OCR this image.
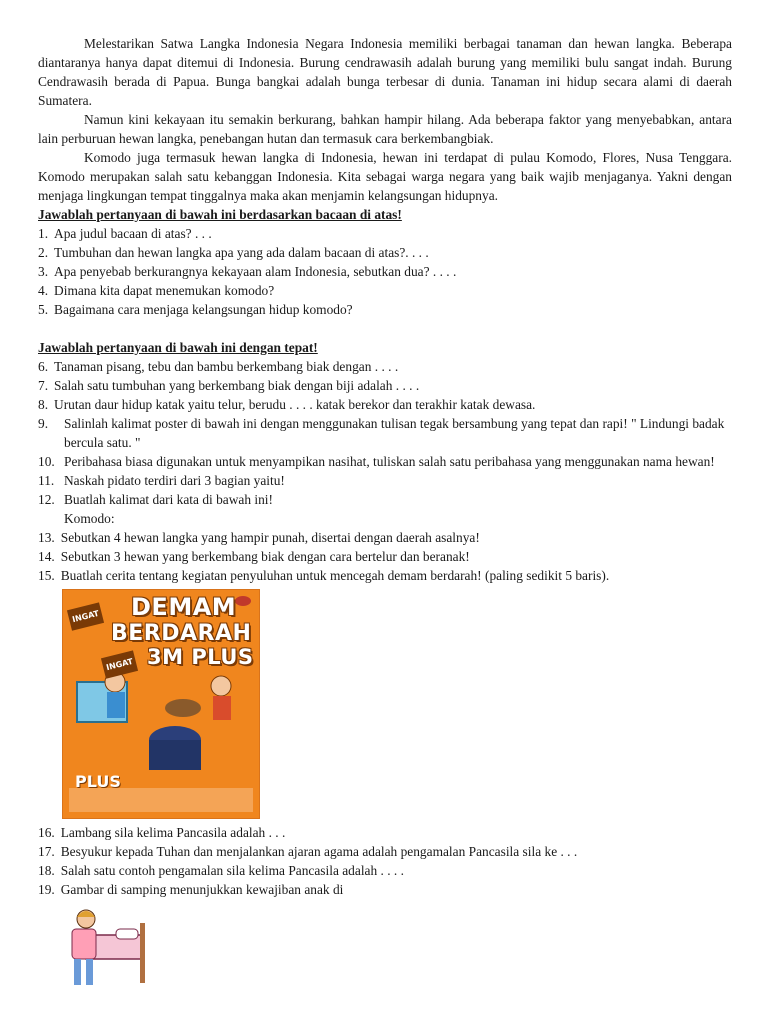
Melestarikan Satwa Langka Indonesia Negara Indonesia memiliki berbagai tanaman dan hewan langka. Beberapa diantaranya hanya dapat ditemui di Indonesia. Burung cendrawasih adalah burung yang memiliki bulu sangat indah. Burung Cendrawasih berada di Papua. Bunga bangkai adalah bunga terbesar di dunia. Tanaman ini hidup secara alami di daerah Sumatera.

Namun kini kekayaan itu semakin berkurang, bahkan hampir hilang. Ada beberapa faktor yang menyebabkan, antara lain perburuan hewan langka, penebangan hutan dan termasuk cara berkembangbiak.

Komodo juga termasuk hewan langka di Indonesia, hewan ini terdapat di pulau Komodo, Flores, Nusa Tenggara. Komodo merupakan salah satu kebanggan Indonesia. Kita sebagai warga negara yang baik wajib menjaganya. Yakni dengan menjaga lingkungan tempat tinggalnya maka akan menjamin kelangsungan hidupnya.

Jawablah pertanyaan di bawah ini berdasarkan bacaan di atas!

1. Apa judul bacaan di atas? . . .

2. Tumbuhan dan hewan langka apa yang ada dalam bacaan di atas?. . . .

3. Apa penyebab berkurangnya kekayaan alam Indonesia, sebutkan dua? . . . .

4. Dimana kita dapat menemukan komodo?

5. Bagaimana cara menjaga kelangsungan hidup komodo?

Jawablah pertanyaan di bawah ini dengan tepat!

6. Tanaman pisang, tebu dan bambu berkembang biak dengan . . . .

7. Salah satu tumbuhan yang berkembang biak dengan biji adalah . . . .

8. Urutan daur hidup katak yaitu telur, berudu . . . . katak berekor dan terakhir katak dewasa.

9.	Salinlah kalimat poster di bawah ini dengan menggunakan tulisan tegak bersambung yang tepat dan rapi! " Lindungi badak bercula satu. "

10. Peribahasa biasa digunakan untuk menyampikan nasihat, tuliskan salah satu peribahasa yang menggunakan nama hewan!

11. Naskah pidato terdiri dari 3 bagian yaitu!

12. Buatlah kalimat dari kata di bawah ini!

Komodo:

13. Sebutkan 4 hewan langka yang hampir punah, disertai dengan daerah asalnya!

14. Sebutkan 3 hewan yang berkembang biak dengan cara bertelur dan beranak!

15. Buatlah cerita tentang kegiatan penyuluhan untuk mencegah demam berdarah! (paling sedikit 5 baris).

INGAT DEMAM
BERDARAH
INGAT 3M PLUS
PLUS

16. Lambang sila kelima Pancasila adalah . . .

17. Besyukur kepada Tuhan dan menjalankan ajaran agama adalah pengamalan Pancasila sila ke . . .

18. Salah satu contoh pengamalan sila kelima Pancasila adalah . . . .

19. Gambar di samping menunjukkan kewajiban anak di
